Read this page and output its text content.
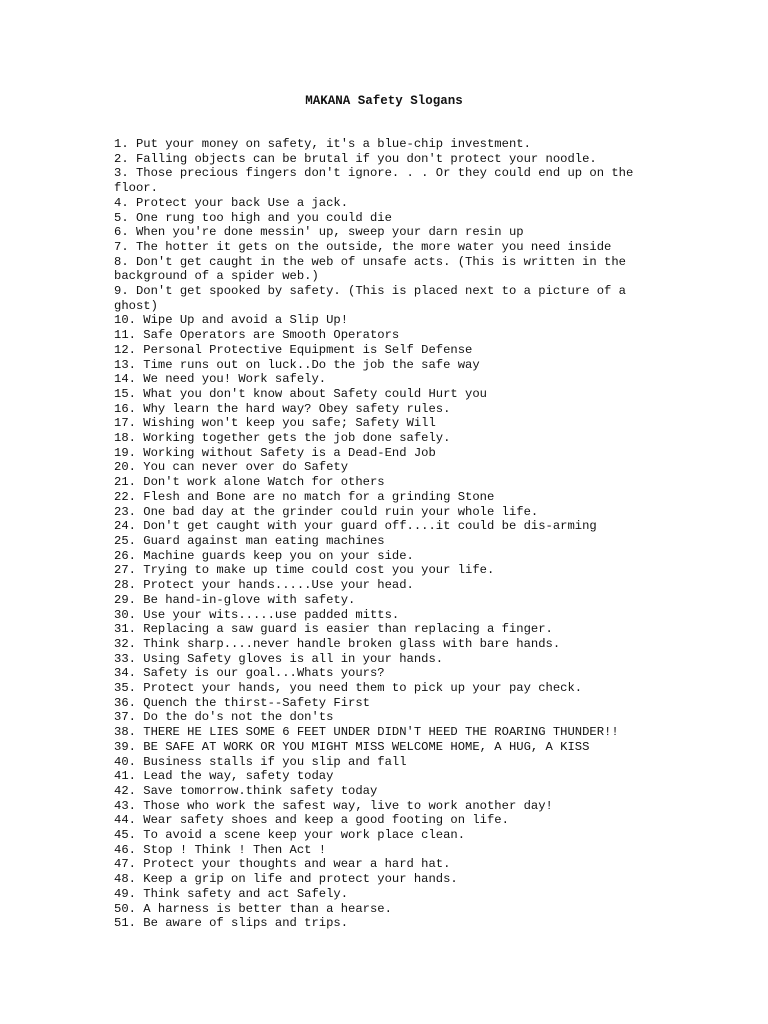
MAKANA Safety Slogans
1. Put your money on safety, it's a blue-chip investment.
2. Falling objects can be brutal if you don't protect your noodle.
3. Those precious fingers don't ignore. . . Or they could end up on the
floor.
4. Protect your back Use a jack.
5. One rung too high and you could die
6. When you're done messin' up, sweep your darn resin up
7. The hotter it gets on the outside, the more water you need inside
8. Don't get caught in the web of unsafe acts. (This is written in the
background of a spider web.)
9. Don't get spooked by safety. (This is placed next to a picture of a
ghost)
10. Wipe Up and avoid a Slip Up!
11. Safe Operators are Smooth Operators
12. Personal Protective Equipment is Self Defense
13. Time runs out on luck..Do the job the safe way
14. We need you! Work safely.
15. What you don't know about Safety could Hurt you
16. Why learn the hard way? Obey safety rules.
17. Wishing won't keep you safe; Safety Will
18. Working together gets the job done safely.
19. Working without Safety is a Dead-End Job
20. You can never over do Safety
21. Don't work alone Watch for others
22. Flesh and Bone are no match for a grinding Stone
23. One bad day at the grinder could ruin your whole life.
24. Don't get caught with your guard off....it could be dis-arming
25. Guard against man eating machines
26. Machine guards keep you on your side.
27. Trying to make up time could cost you your life.
28. Protect your hands.....Use your head.
29. Be hand-in-glove with safety.
30. Use your wits.....use padded mitts.
31. Replacing a saw guard is easier than replacing a finger.
32. Think sharp....never handle broken glass with bare hands.
33. Using Safety gloves is all in your hands.
34. Safety is our goal...Whats yours?
35. Protect your hands, you need them to pick up your pay check.
36. Quench the thirst--Safety First
37. Do the do's not the don'ts
38. THERE HE LIES SOME 6 FEET UNDER DIDN'T HEED THE ROARING THUNDER!!
39. BE SAFE AT WORK OR YOU MIGHT MISS WELCOME HOME, A HUG, A KISS
40. Business stalls if you slip and fall
41. Lead the way, safety today
42. Save tomorrow.think safety today
43. Those who work the safest way, live to work another day!
44. Wear safety shoes and keep a good footing on life.
45. To avoid a scene keep your work place clean.
46. Stop ! Think ! Then Act !
47. Protect your thoughts and wear a hard hat.
48. Keep a grip on life and protect your hands.
49. Think safety and act Safely.
50. A harness is better than a hearse.
51. Be aware of slips and trips.
